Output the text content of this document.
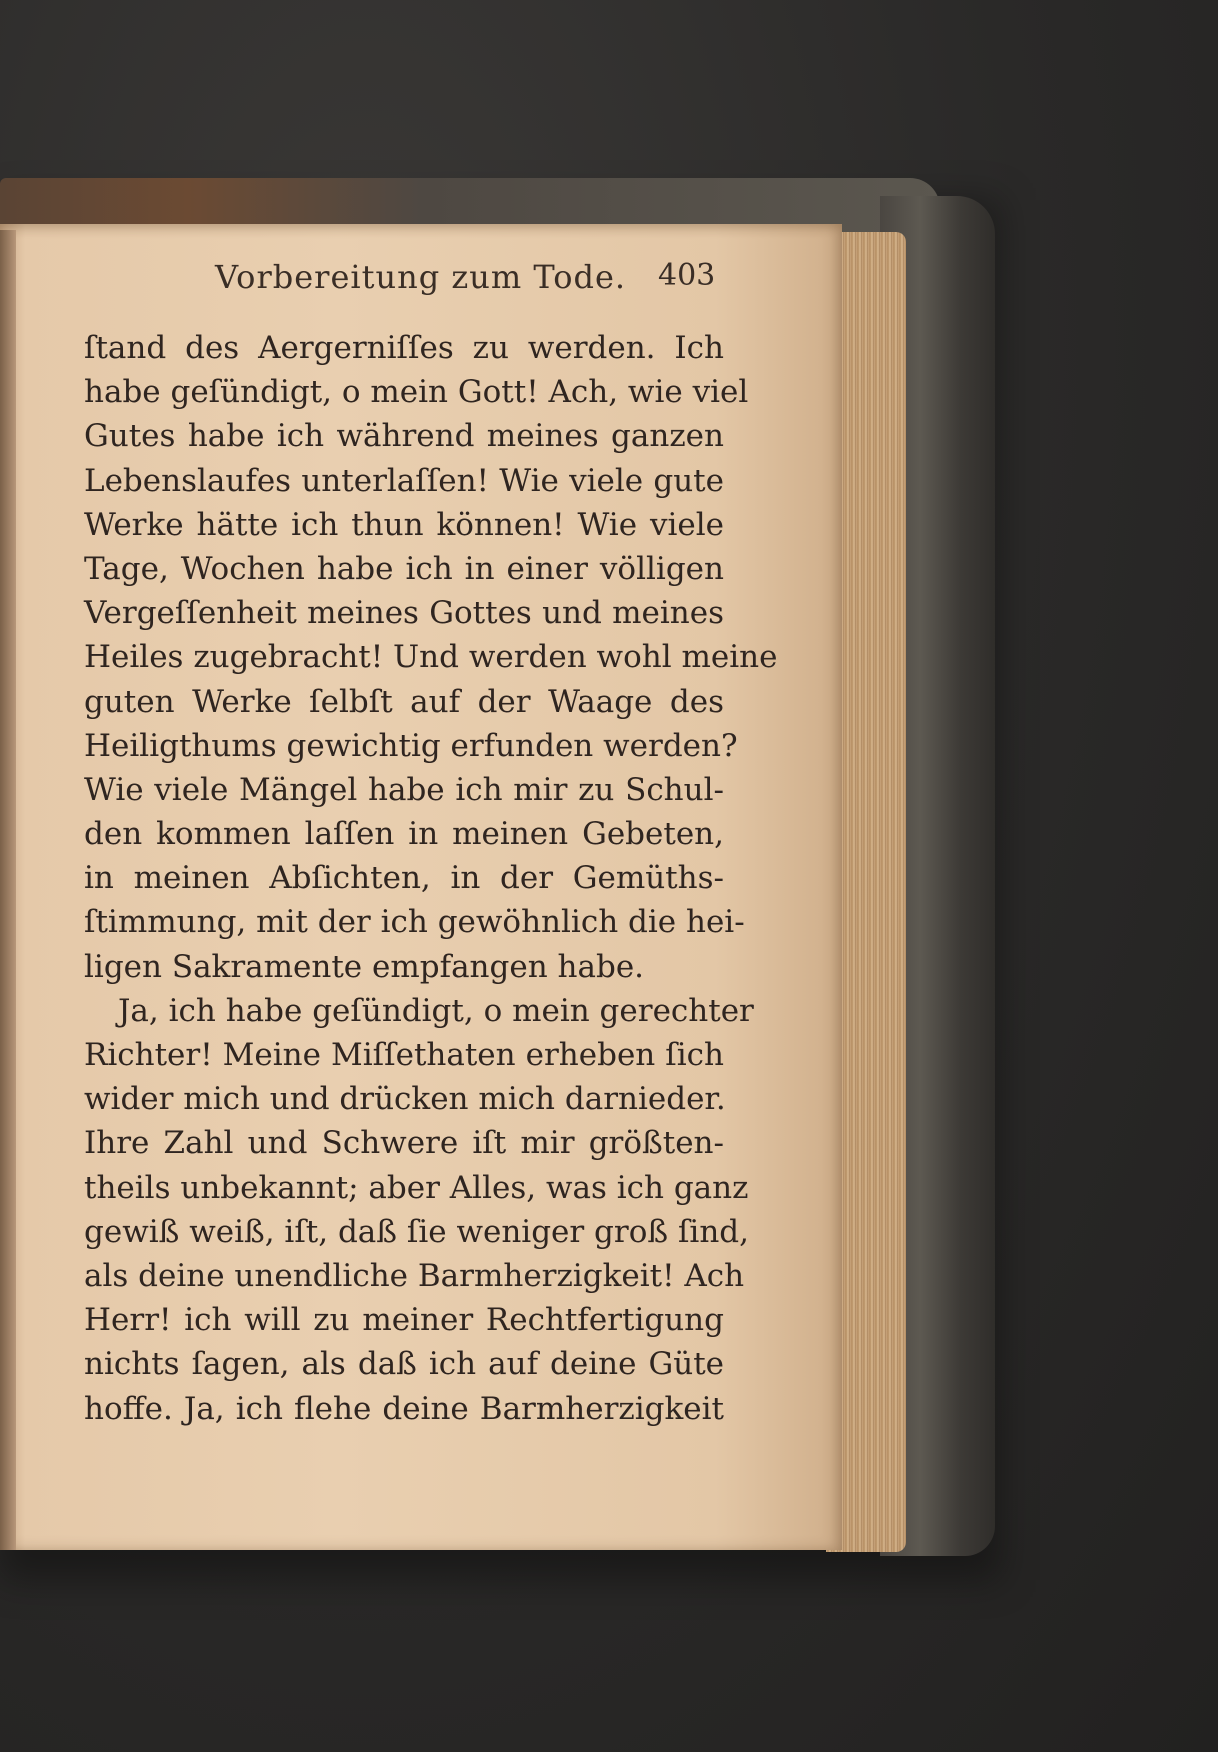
Vorbereitung zum Tode. 403
ſtand des Aergerniſſes zu werden. Ich
habe geſündigt, o mein Gott! Ach, wie viel
Gutes habe ich während meines ganzen
Lebenslaufes unterlaſſen! Wie viele gute
Werke hätte ich thun können! Wie viele
Tage, Wochen habe ich in einer völligen
Vergeſſenheit meines Gottes und meines
Heiles zugebracht! Und werden wohl meine
guten Werke ſelbſt auf der Waage des
Heiligthums gewichtig erfunden werden?
Wie viele Mängel habe ich mir zu Schul-
den kommen laſſen in meinen Gebeten,
in meinen Abſichten, in der Gemüths-
ſtimmung, mit der ich gewöhnlich die hei-
ligen Sakramente empfangen habe.
Ja, ich habe geſündigt, o mein gerechter
Richter! Meine Miſſethaten erheben ſich
wider mich und drücken mich darnieder.
Ihre Zahl und Schwere iſt mir größten-
theils unbekannt; aber Alles, was ich ganz
gewiß weiß, iſt, daß ſie weniger groß ſind,
als deine unendliche Barmherzigkeit! Ach
Herr! ich will zu meiner Rechtfertigung
nichts ſagen, als daß ich auf deine Güte
hoffe. Ja, ich flehe deine Barmherzigkeit
